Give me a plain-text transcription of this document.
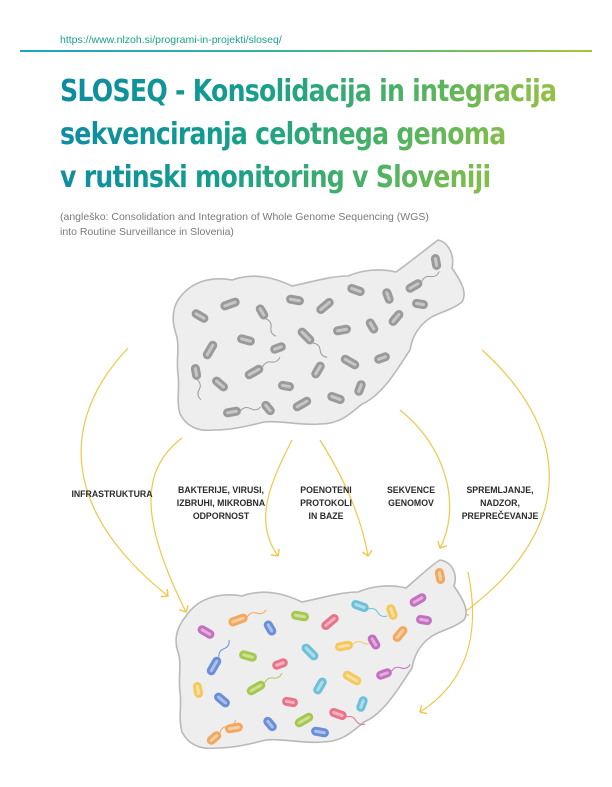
https://www.nlzoh.si/programi-in-projekti/sloseq/
SLOSEQ - Konsolidacija in integracija
sekvenciranja celotnega genoma
v rutinski monitoring v Sloveniji
(angleško: Consolidation and Integration of Whole Genome Sequencing (WGS)
into Routine Surveillance in Slovenia)
INFRASTRUKTURA	BAKTERIJE, VIRUSI,
IZBRUHI, MIKROBNA
ODPORNOST
POENOTENI
PROTOKOLI
IN BAZE
SEKVENCE
GENOMOV
SPREMLJANJE,
NADZOR,
PREPREČEVANJE
